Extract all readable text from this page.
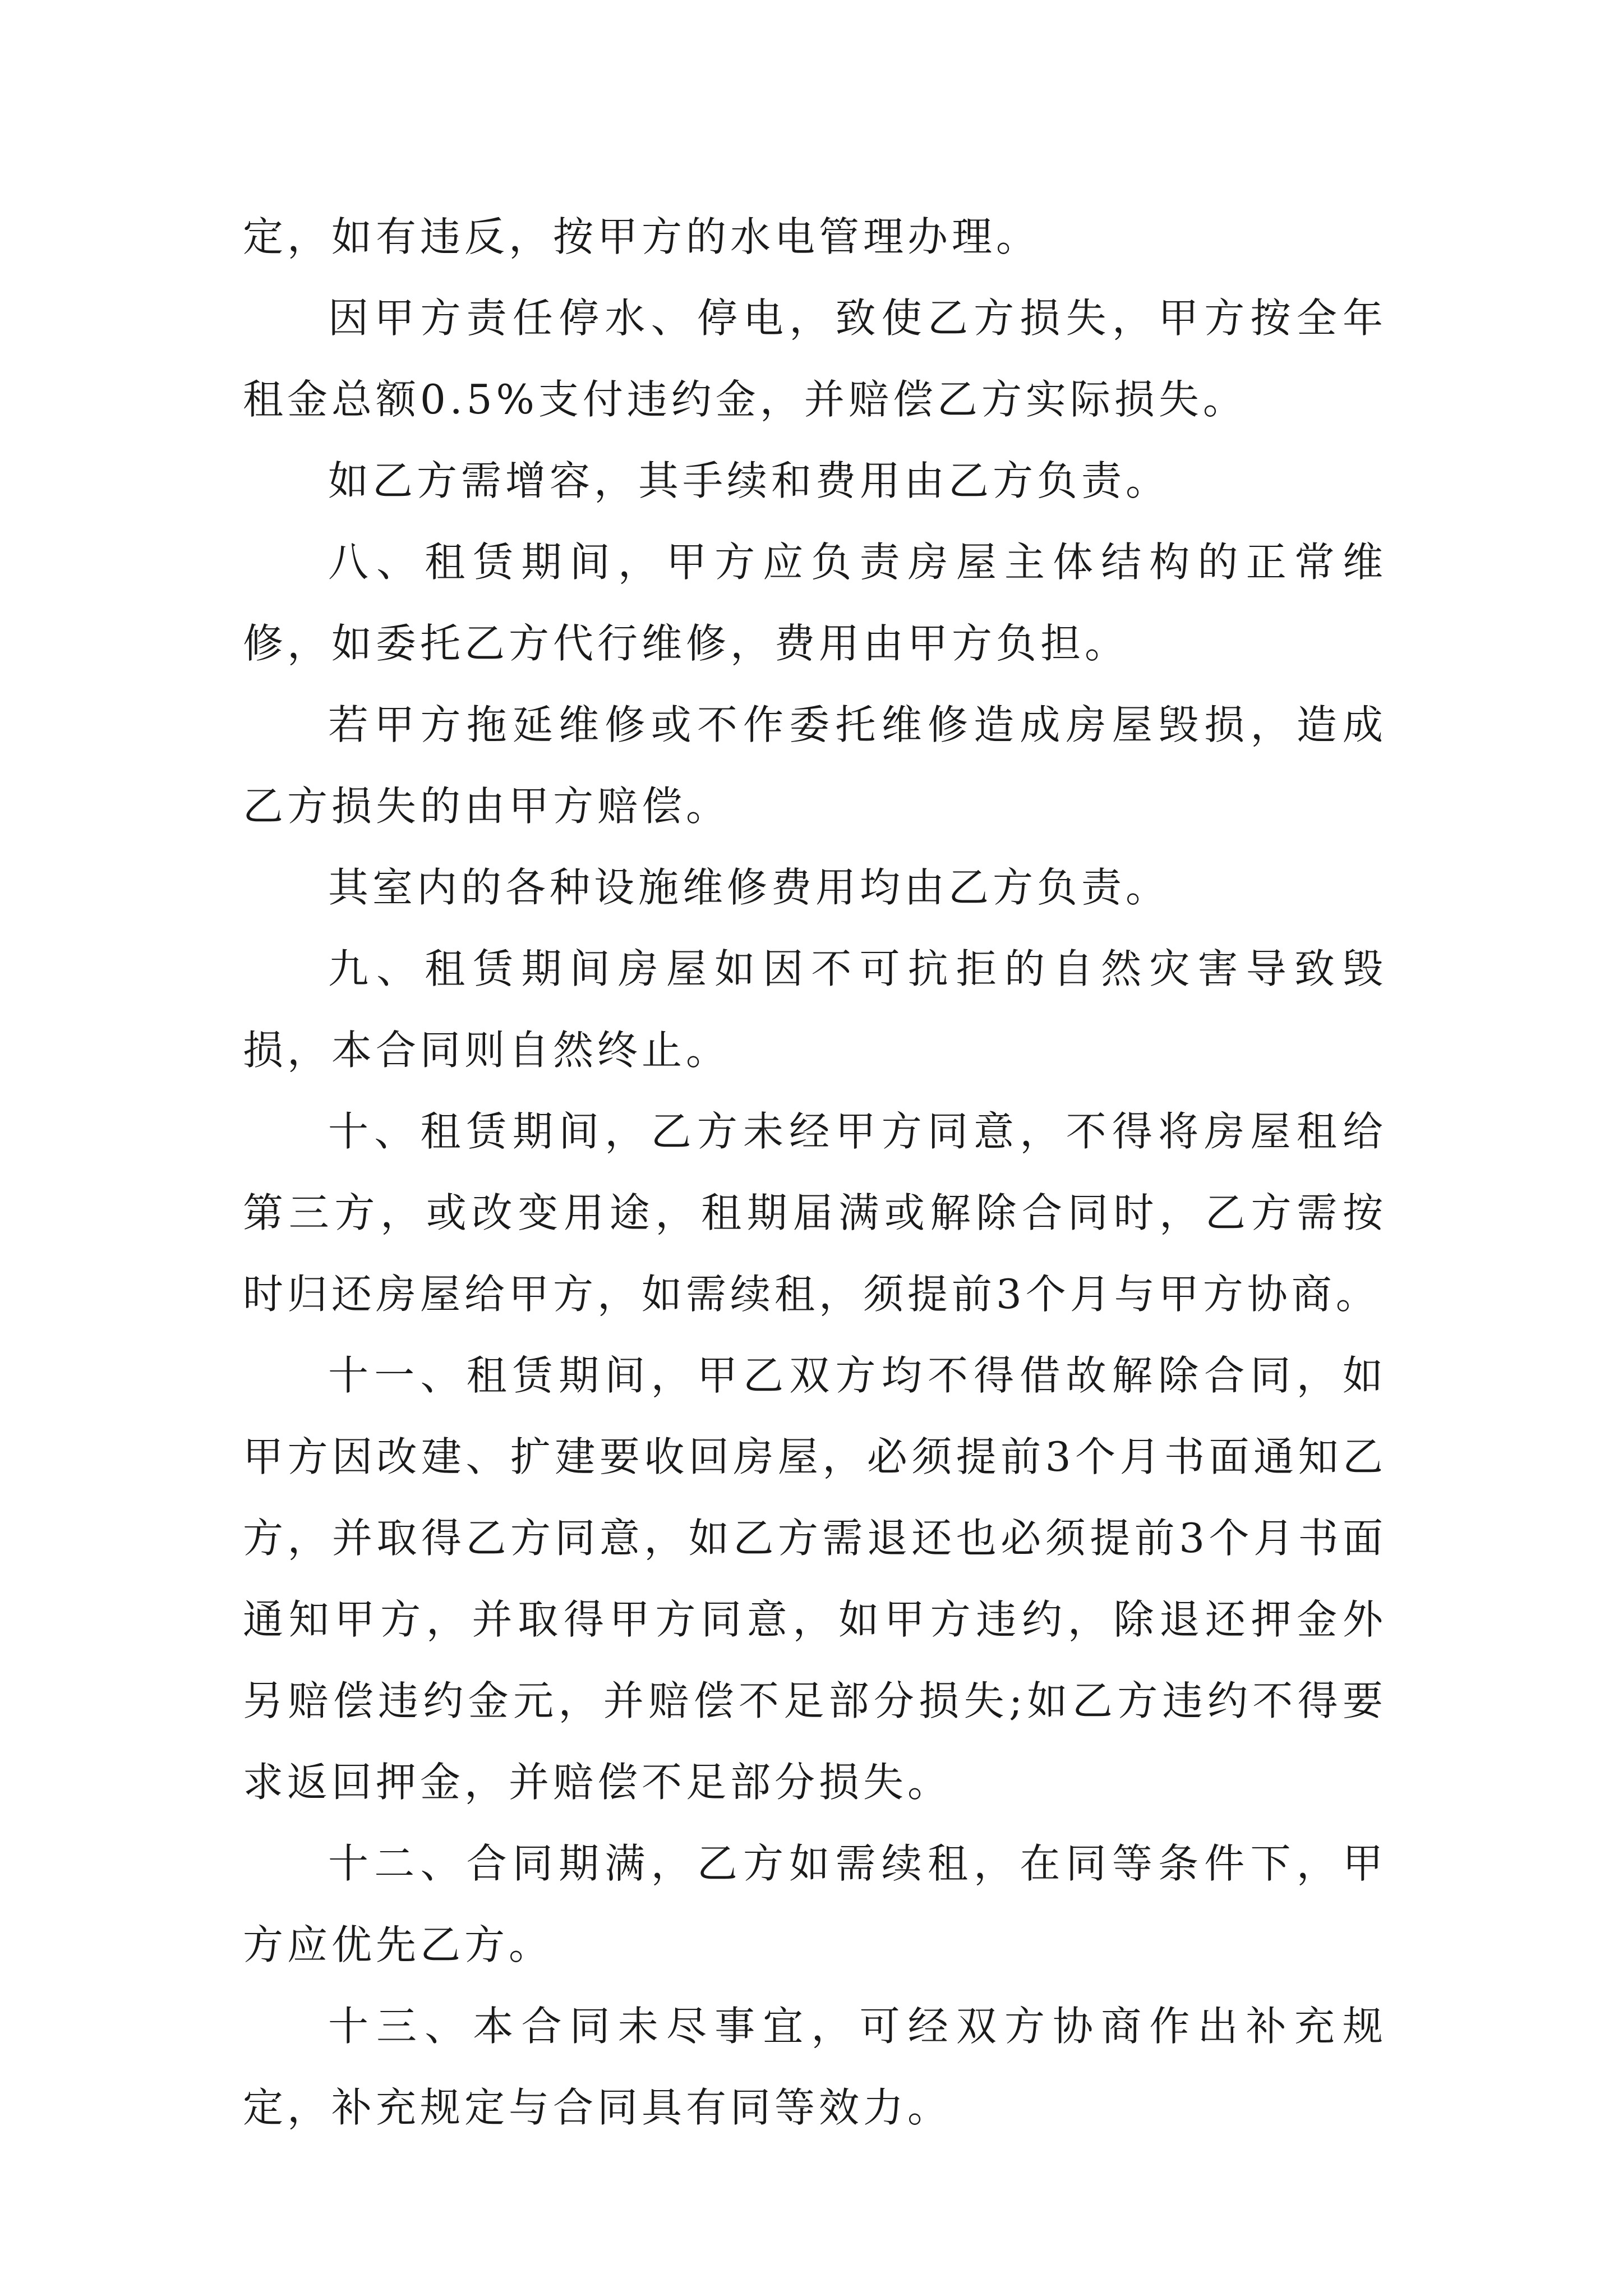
定，如有违反，按甲方的水电管理办理。

因甲方责任停水、停电，致使乙方损失，甲方按全年租金总额0.5%支付违约金，并赔偿乙方实际损失。

如乙方需增容，其手续和费用由乙方负责。

八、租赁期间，甲方应负责房屋主体结构的正常维修，如委托乙方代行维修，费用由甲方负担。

若甲方拖延维修或不作委托维修造成房屋毁损，造成乙方损失的由甲方赔偿。

其室内的各种设施维修费用均由乙方负责。

九、租赁期间房屋如因不可抗拒的自然灾害导致毁损，本合同则自然终止。

十、租赁期间，乙方未经甲方同意，不得将房屋租给第三方，或改变用途，租期届满或解除合同时，乙方需按时归还房屋给甲方，如需续租，须提前3个月与甲方协商。

十一、租赁期间，甲乙双方均不得借故解除合同，如甲方因改建、扩建要收回房屋，必须提前3个月书面通知乙方，并取得乙方同意，如乙方需退还也必须提前3个月书面通知甲方，并取得甲方同意，如甲方违约，除退还押金外另赔偿违约金元，并赔偿不足部分损失;如乙方违约不得要求返回押金，并赔偿不足部分损失。

十二、合同期满，乙方如需续租，在同等条件下，甲方应优先乙方。

十三、本合同未尽事宜，可经双方协商作出补充规定，补充规定与合同具有同等效力。
